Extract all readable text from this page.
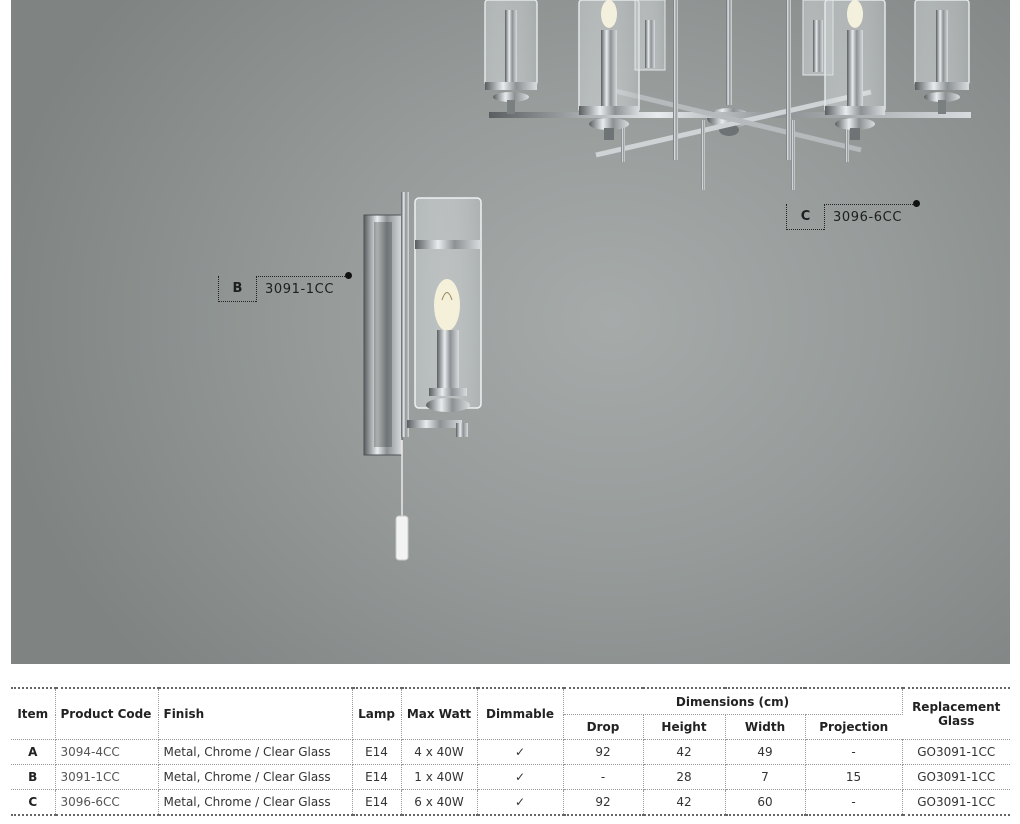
B	3091-1CC
C	3096-6CC
Item	Product Code	Finish	Lamp	Max Watt	Dimmable	Dimensions (cm)				Replacement Glass
						Drop	Height	Width	Projection	
A	3094-4CC	Metal, Chrome / Clear Glass	E14	4 x 40W	✓	92	42	49	-	GO3091-1CC
B	3091-1CC	Metal, Chrome / Clear Glass	E14	1 x 40W	✓	-	28	7	15	GO3091-1CC
C	3096-6CC	Metal, Chrome / Clear Glass	E14	6 x 40W	✓	92	42	60	-	GO3091-1CC
